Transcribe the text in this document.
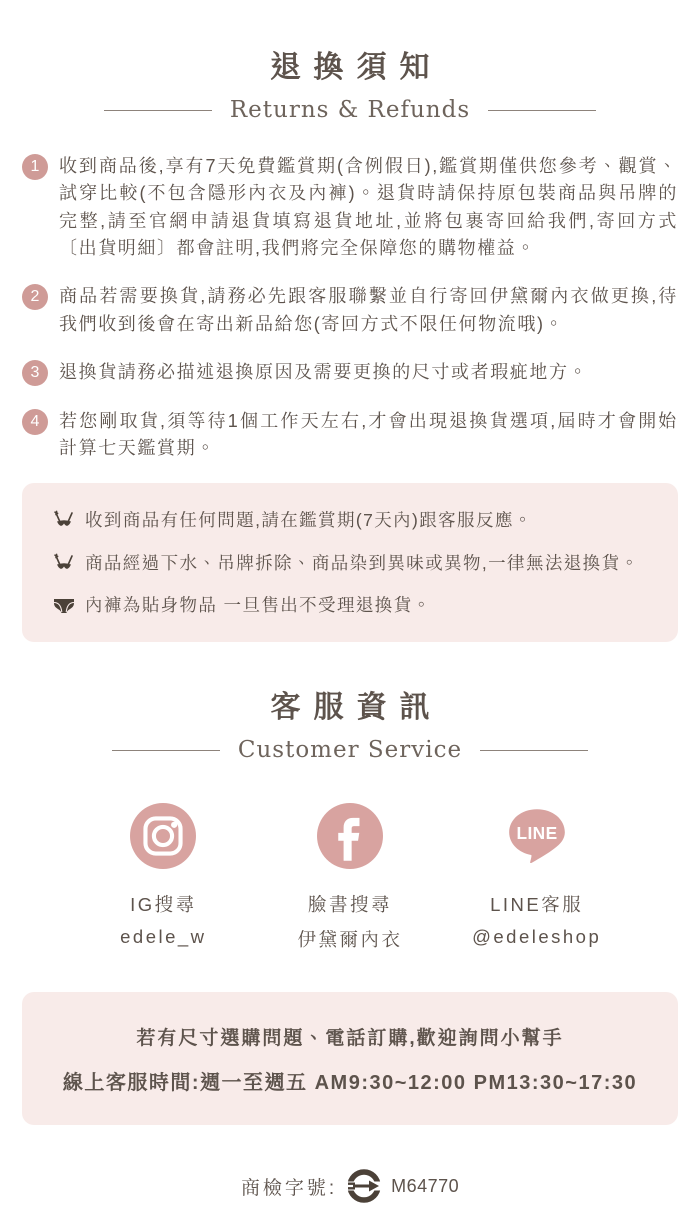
退換須知
Returns & Refunds
1	收到商品後,享有7天免費鑑賞期(含例假日),鑑賞期僅供您參考、觀賞、試穿比較(不包含隱形內衣及內褲)。退貨時請保持原包裝商品與吊牌的完整,請至官網申請退貨填寫退貨地址,並將包裹寄回給我們,寄回方式〔出貨明細〕都會註明,我們將完全保障您的購物權益。
2	商品若需要換貨,請務必先跟客服聯繫並自行寄回伊黛爾內衣做更換,待我們收到後會在寄出新品給您(寄回方式不限任何物流哦)。
3	退換貨請務必描述退換原因及需要更換的尺寸或者瑕疵地方。
4	若您剛取貨,須等待1個工作天左右,才會出現退換貨選項,屆時才會開始計算七天鑑賞期。
收到商品有任何問題,請在鑑賞期(7天內)跟客服反應。
商品經過下水、吊牌拆除、商品染到異味或異物,一律無法退換貨。
內褲為貼身物品 一旦售出不受理退換貨。
客服資訊
Customer Service
IG搜尋
edele_w
臉書搜尋
伊黛爾內衣
LINE
LINE客服
@edeleshop
若有尺寸選購問題、電話訂購,歡迎詢問小幫手
線上客服時間:週一至週五 AM9:30~12:00 PM13:30~17:30
商檢字號:	M64770
